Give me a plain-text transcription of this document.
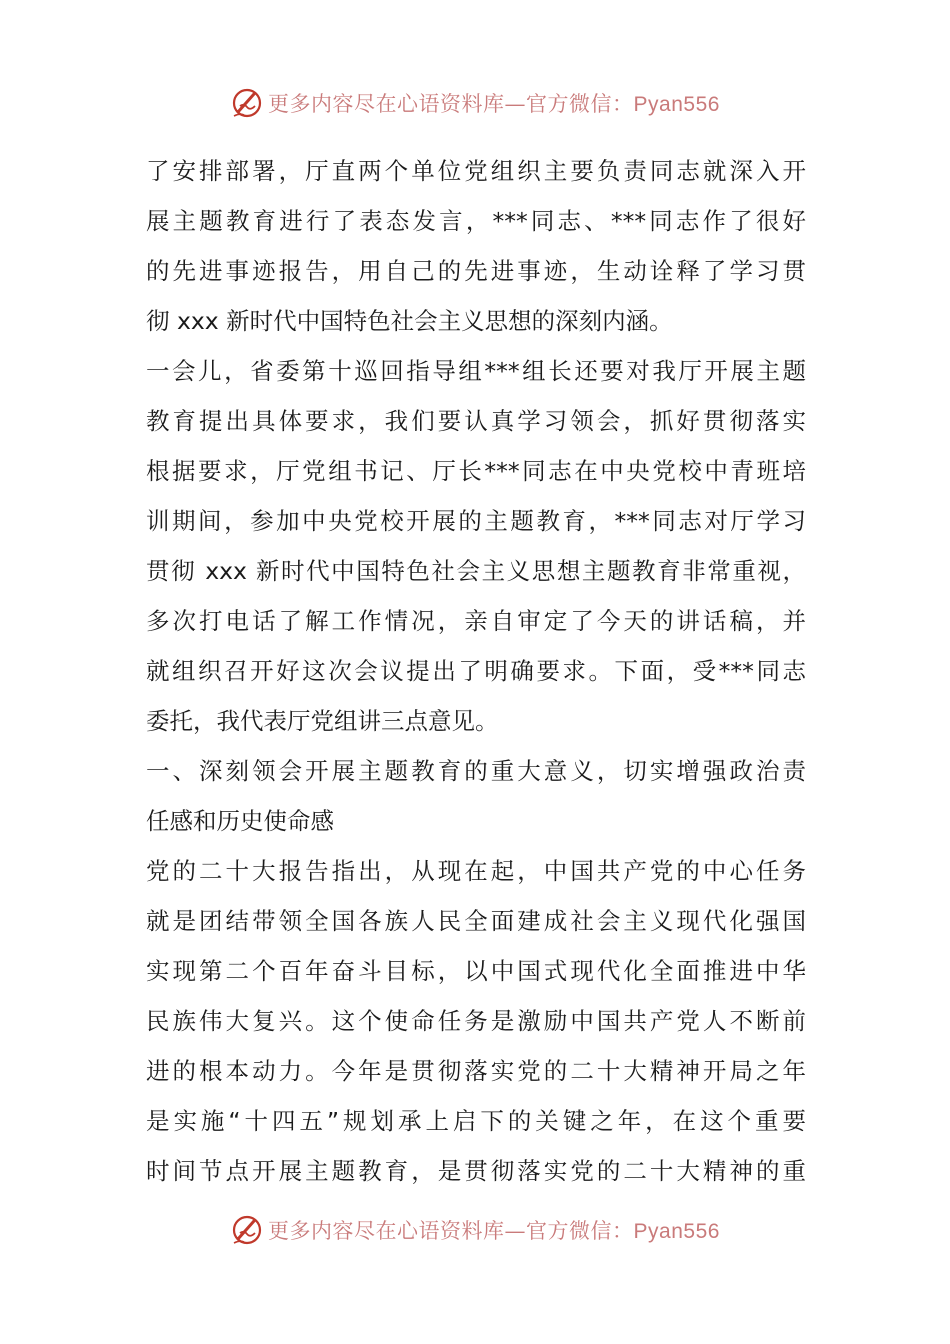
更多内容尽在心语资料库—官方微信：Pyan556
了安排部署，厅直两个单位党组织主要负责同志就深入开
展主题教育进行了表态发言，***同志、***同志作了很好
的先进事迹报告，用自己的先进事迹，生动诠释了学习贯
彻 xxx 新时代中国特色社会主义思想的深刻内涵。
一会儿，省委第十巡回指导组***组长还要对我厅开展主题
教育提出具体要求，我们要认真学习领会，抓好贯彻落实
根据要求，厅党组书记、厅长***同志在中央党校中青班培
训期间，参加中央党校开展的主题教育，***同志对厅学习
贯彻 xxx 新时代中国特色社会主义思想主题教育非常重视，
多次打电话了解工作情况，亲自审定了今天的讲话稿，并
就组织召开好这次会议提出了明确要求。下面，受***同志
委托，我代表厅党组讲三点意见。
一、深刻领会开展主题教育的重大意义，切实增强政治责
任感和历史使命感
党的二十大报告指出，从现在起，中国共产党的中心任务
就是团结带领全国各族人民全面建成社会主义现代化强国
实现第二个百年奋斗目标，以中国式现代化全面推进中华
民族伟大复兴。这个使命任务是激励中国共产党人不断前
进的根本动力。今年是贯彻落实党的二十大精神开局之年
是实施“十四五”规划承上启下的关键之年，在这个重要
时间节点开展主题教育，是贯彻落实党的二十大精神的重
更多内容尽在心语资料库—官方微信：Pyan556
